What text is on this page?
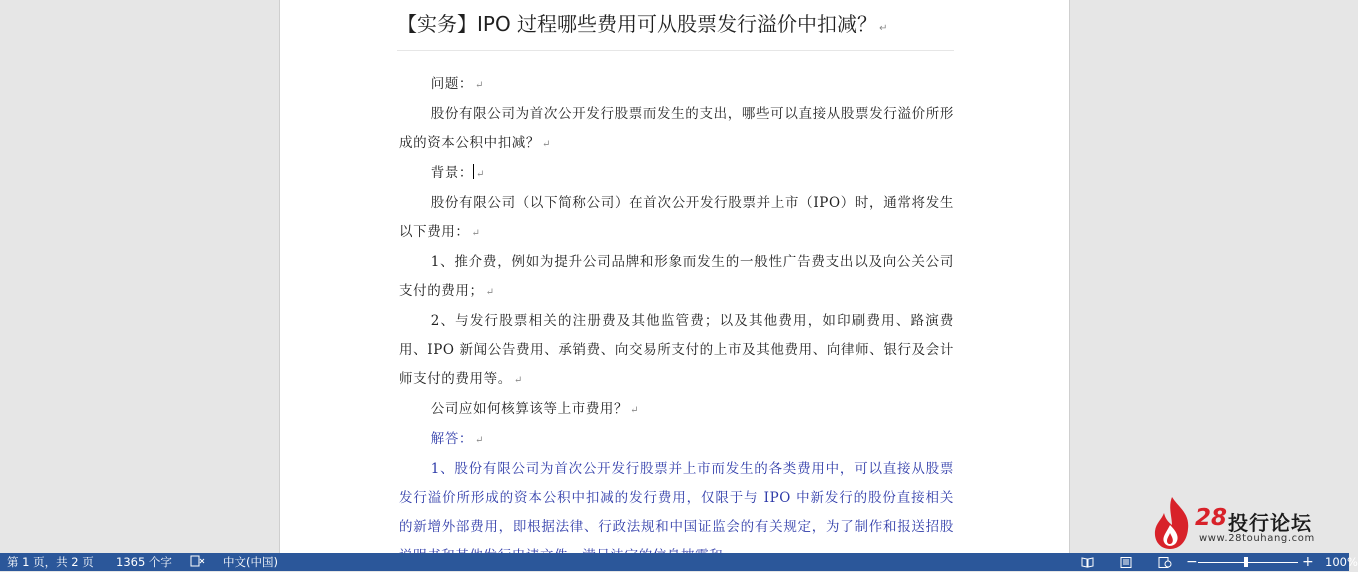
【实务】IPO 过程哪些费用可从股票发行溢价中扣减？ ↵

问题： ↵

股份有限公司为首次公开发行股票而发生的支出，哪些可以直接从股票发行溢价所形成的资本公积中扣减？ ↵

背景： ↵

股份有限公司（以下简称公司）在首次公开发行股票并上市（IPO）时，通常将发生以下费用： ↵

1、推介费，例如为提升公司品牌和形象而发生的一般性广告费支出以及向公关公司支付的费用； ↵

2、与发行股票相关的注册费及其他监管费；以及其他费用，如印刷费用、路演费用、IPO 新闻公告费用、承销费、向交易所支付的上市及其他费用、向律师、银行及会计师支付的费用等。 ↵

公司应如何核算该等上市费用？ ↵

解答： ↵

1、股份有限公司为首次公开发行股票并上市而发生的各类费用中，可以直接从股票发行溢价所形成的资本公积中扣减的发行费用，仅限于与 IPO 中新发行的股份直接相关的新增外部费用，即根据法律、行政法规和中国证监会的有关规定，为了制作和报送招股	28 投行论坛
www.28touhang.com
第 1 页，共 2 页 1365 个字	中文(中国)	−	+ 100%
